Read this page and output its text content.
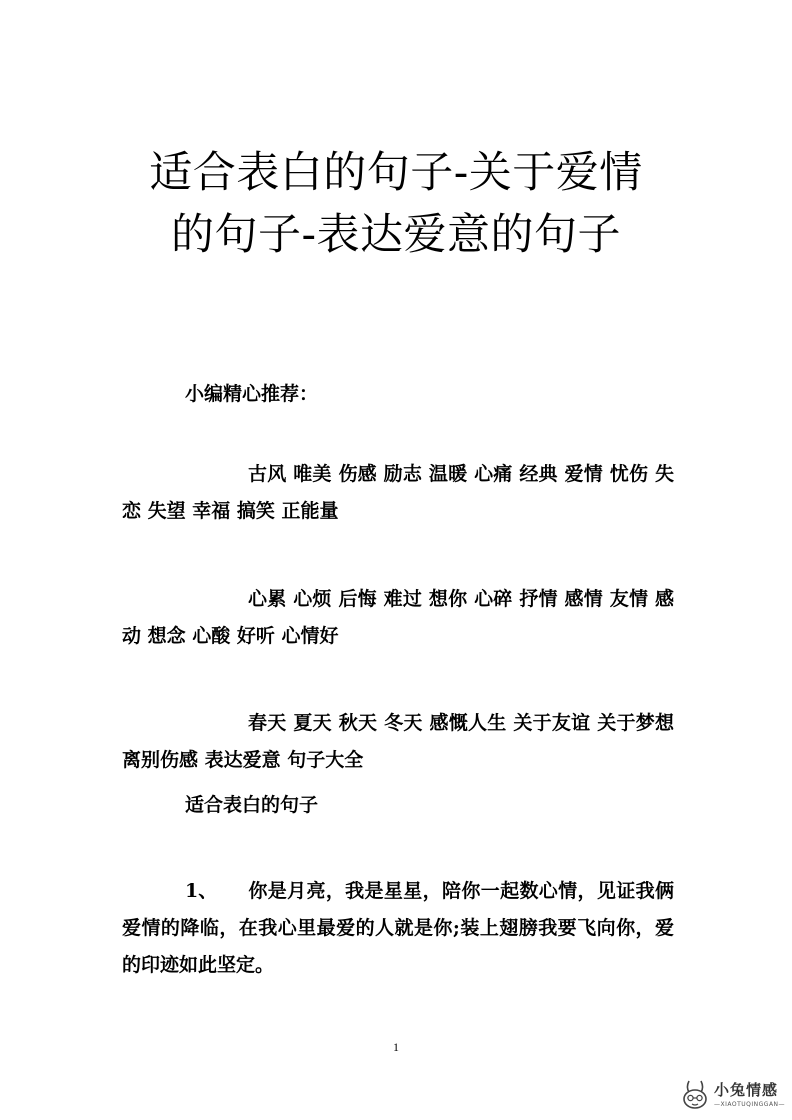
适合表白的句子-关于爱情
的句子-表达爱意的句子

小编精心推荐：

古风 唯美 伤感 励志 温暖 心痛 经典 爱情 忧伤 失恋 失望 幸福 搞笑 正能量

心累 心烦 后悔 难过 想你 心碎 抒情 感情 友情 感动 想念 心酸 好听 心情好

春天 夏天 秋天 冬天 感慨人生 关于友谊 关于梦想 离别伤感 表达爱意 句子大全

适合表白的句子

1、 你是月亮，我是星星，陪你一起数心情，见证我俩爱情的降临，在我心里最爱的人就是你;装上翅膀我要飞向你，爱的印迹如此坚定。

1
小兔情感
—XIAOTUQINGGAN—
